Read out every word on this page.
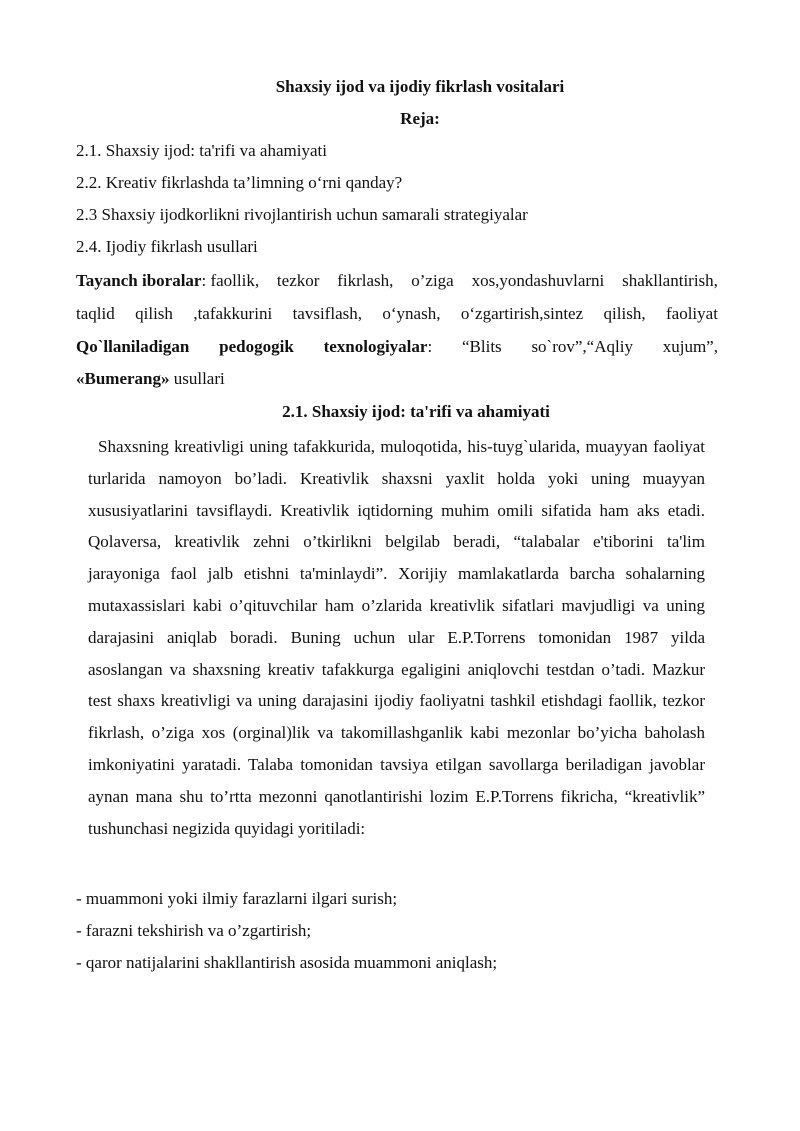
Shaxsiy ijod va ijodiy fikrlash vositalari
Reja:
2.1. Shaxsiy ijod: ta'rifi va ahamiyati
2.2. Kreativ fikrlashda ta’limning o‘rni qanday?
2.3 Shaxsiy ijodkorlikni rivojlantirish uchun samarali strategiyalar
2.4. Ijodiy fikrlash usullari
Tayanch iboralar: faollik, tezkor fikrlash, o’ziga xos,yondashuvlarni shakllantirish,
taqlid qilish ,tafakkurini tavsiflash, o‘ynash, o‘zgartirish,sintez qilish, faoliyat
Qo`llaniladigan pedogogik texnologiyalar: “Blits so`rov”,“Aqliy xujum”,
«Bumerang» usullari
2.1. Shaxsiy ijod: ta'rifi va ahamiyati

Shaxsning kreativligi uning tafakkurida, muloqotida, his-tuyg`ularida, muayyan faoliyat turlarida namoyon bo’ladi. Kreativlik shaxsni yaxlit holda yoki uning muayyan xususiyatlarini tavsiflaydi. Kreativlik iqtidorning muhim omili sifatida ham aks etadi. Qolaversa, kreativlik zehni o’tkirlikni belgilab beradi, “talabalar e'tiborini ta'lim jarayoniga faol jalb etishni ta'minlaydi”. Xorijiy mamlakatlarda barcha sohalarning mutaxassislari kabi o’qituvchilar ham o’zlarida kreativlik sifatlari mavjudligi va uning darajasini aniqlab boradi. Buning uchun ular E.P.Torrens tomonidan 1987 yilda asoslangan va shaxsning kreativ tafakkurga egaligini aniqlovchi testdan o’tadi. Mazkur test shaxs kreativligi va uning darajasini ijodiy faoliyatni tashkil etishdagi faollik, tezkor fikrlash, o’ziga xos (orginal)lik va takomillashganlik kabi mezonlar bo’yicha baholash imkoniyatini yaratadi. Talaba tomonidan tavsiya etilgan savollarga beriladigan javoblar aynan mana shu to’rtta mezonni qanotlantirishi lozim E.P.Torrens fikricha, “kreativlik” tushunchasi negizida quyidagi yoritiladi:

- muammoni yoki ilmiy farazlarni ilgari surish;
- farazni tekshirish va o’zgartirish;
- qaror natijalarini shakllantirish asosida muammoni aniqlash;
